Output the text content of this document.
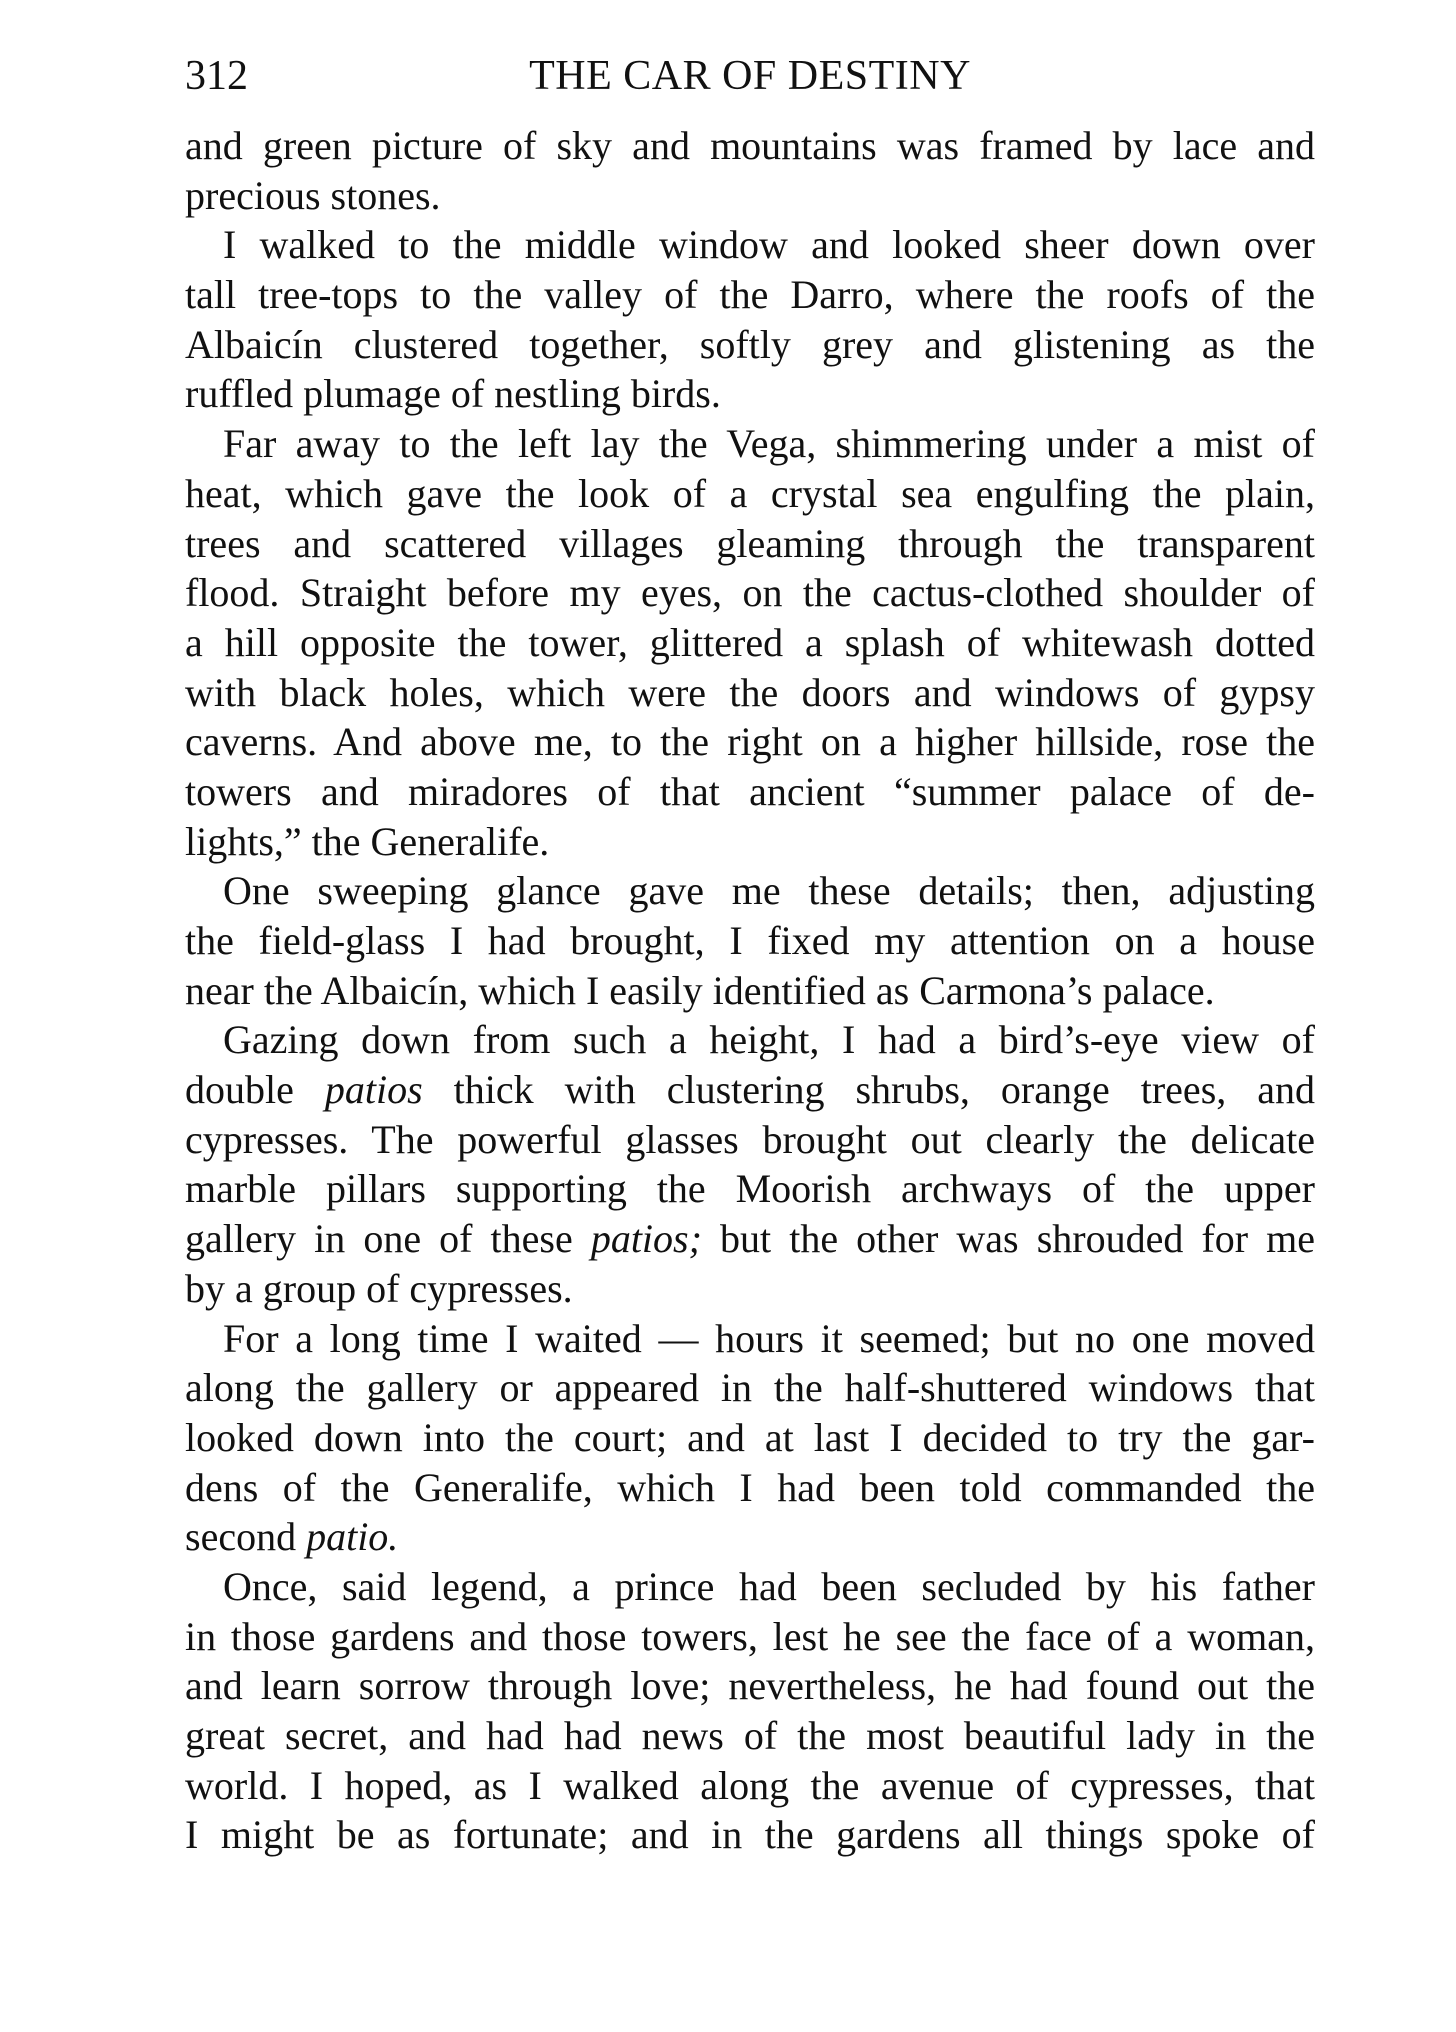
312	THE CAR OF DESTINY
and green picture of sky and mountains was framed by lace and
precious stones.
I walked to the middle window and looked sheer down over
tall tree-tops to the valley of the Darro, where the roofs of the
Albaicín clustered together, softly grey and glistening as the
ruffled plumage of nestling birds.
Far away to the left lay the Vega, shimmering under a mist of
heat, which gave the look of a crystal sea engulfing the plain,
trees and scattered villages gleaming through the transparent
flood. Straight before my eyes, on the cactus-clothed shoulder of
a hill opposite the tower, glittered a splash of whitewash dotted
with black holes, which were the doors and windows of gypsy
caverns. And above me, to the right on a higher hillside, rose the
towers and miradores of that ancient “summer palace of de-
lights,” the Generalife.
One sweeping glance gave me these details; then, adjusting
the field-glass I had brought, I fixed my attention on a house
near the Albaicín, which I easily identified as Carmona’s palace.
Gazing down from such a height, I had a bird’s-eye view of
double patios thick with clustering shrubs, orange trees, and
cypresses. The powerful glasses brought out clearly the delicate
marble pillars supporting the Moorish archways of the upper
gallery in one of these patios; but the other was shrouded for me
by a group of cypresses.
For a long time I waited — hours it seemed; but no one moved
along the gallery or appeared in the half-shuttered windows that
looked down into the court; and at last I decided to try the gar-
dens of the Generalife, which I had been told commanded the
second patio.
Once, said legend, a prince had been secluded by his father
in those gardens and those towers, lest he see the face of a woman,
and learn sorrow through love; nevertheless, he had found out the
great secret, and had had news of the most beautiful lady in the
world. I hoped, as I walked along the avenue of cypresses, that
I might be as fortunate; and in the gardens all things spoke of
